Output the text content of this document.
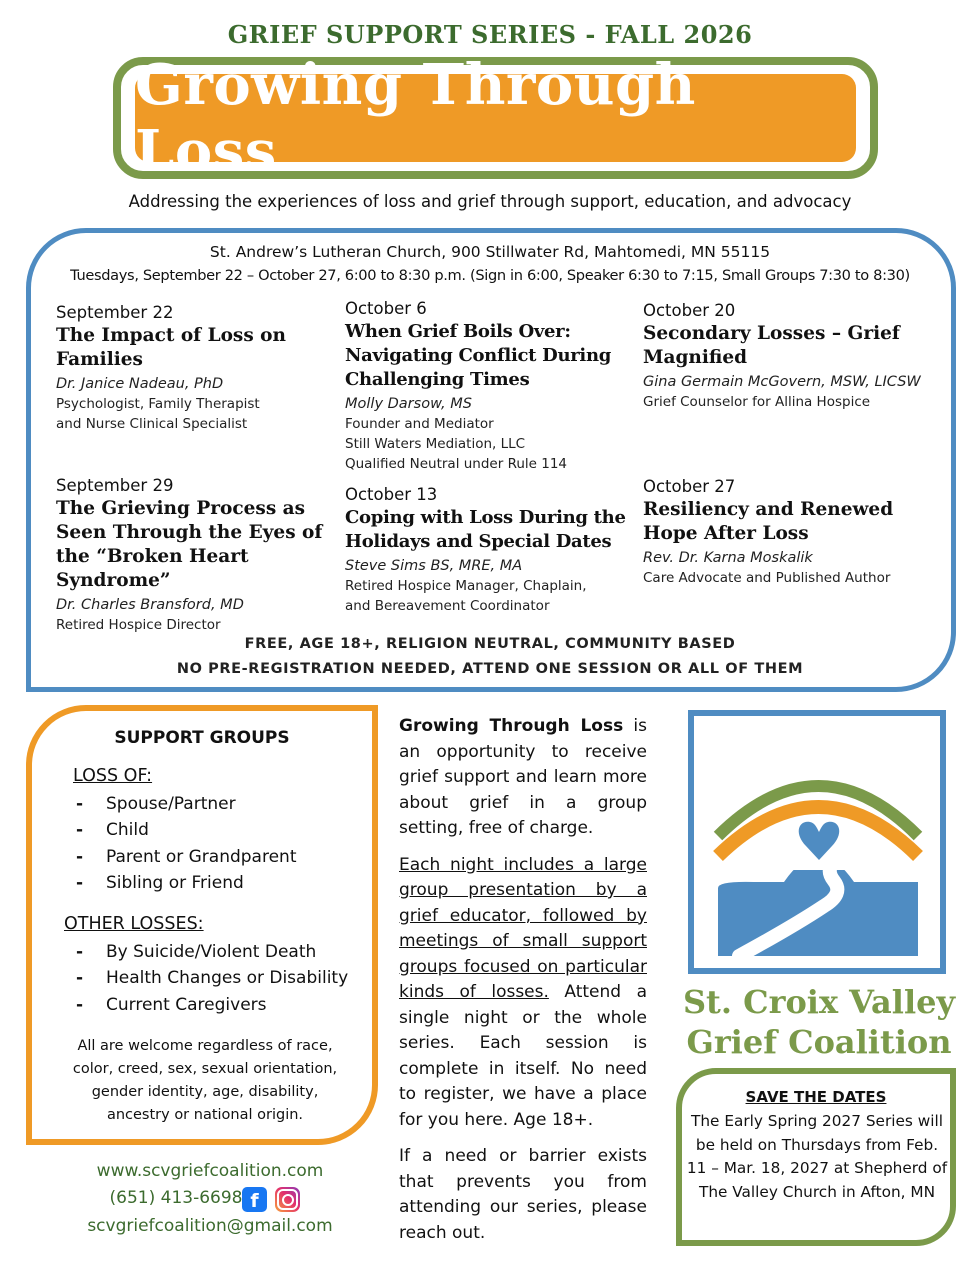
GRIEF SUPPORT SERIES - FALL 2026
Growing Through Loss
Addressing the experiences of loss and grief through support, education, and advocacy
St. Andrew’s Lutheran Church, 900 Stillwater Rd, Mahtomedi, MN 55115
Tuesdays, September 22 – October 27, 6:00 to 8:30 p.m. (Sign in 6:00, Speaker 6:30 to 7:15, Small Groups 7:30 to 8:30)
September 22
The Impact of Loss on Families
Dr. Janice Nadeau, PhD
Psychologist, Family Therapist
and Nurse Clinical Specialist
September 29
The Grieving Process as Seen Through the Eyes of the “Broken Heart Syndrome”
Dr. Charles Bransford, MD
Retired Hospice Director
October 6
When Grief Boils Over: Navigating Conflict During Challenging Times
Molly Darsow, MS
Founder and Mediator
Still Waters Mediation, LLC
Qualified Neutral under Rule 114
October 13
Coping with Loss During the Holidays and Special Dates
Steve Sims BS, MRE, MA
Retired Hospice Manager, Chaplain,
and Bereavement Coordinator
October 20
Secondary Losses – Grief Magnified
Gina Germain McGovern, MSW, LICSW
Grief Counselor for Allina Hospice
October 27
Resiliency and Renewed Hope After Loss
Rev. Dr. Karna Moskalik
Care Advocate and Published Author
FREE, AGE 18+, RELIGION NEUTRAL, COMMUNITY BASED
NO PRE-REGISTRATION NEEDED, ATTEND ONE SESSION OR ALL OF THEM
SUPPORT GROUPS
LOSS OF:
- Spouse/Partner
- Child
- Parent or Grandparent
- Sibling or Friend
OTHER LOSSES:
- By Suicide/Violent Death
- Health Changes or Disability
- Current Caregivers
All are welcome regardless of race, color, creed, sex, sexual orientation, gender identity, age, disability, ancestry or national origin.
www.scvgriefcoalition.com
(651) 413-6698 f
scvgriefcoalition@gmail.com

Growing Through Loss is an opportunity to receive grief support and learn more about grief in a group setting, free of charge.

Each night includes a large group presentation by a grief educator, followed by meetings of small support groups focused on particular kinds of losses. Attend a single night or the whole series. Each session is complete in itself. No need to register, we have a place for you here. Age 18+.

If a need or barrier exists that prevents you from attending our series, please reach out.

St. Croix Valley
Grief Coalition
SAVE THE DATES
The Early Spring 2027 Series will be held on Thursdays from Feb. 11 – Mar. 18, 2027 at Shepherd of The Valley Church in Afton, MN
